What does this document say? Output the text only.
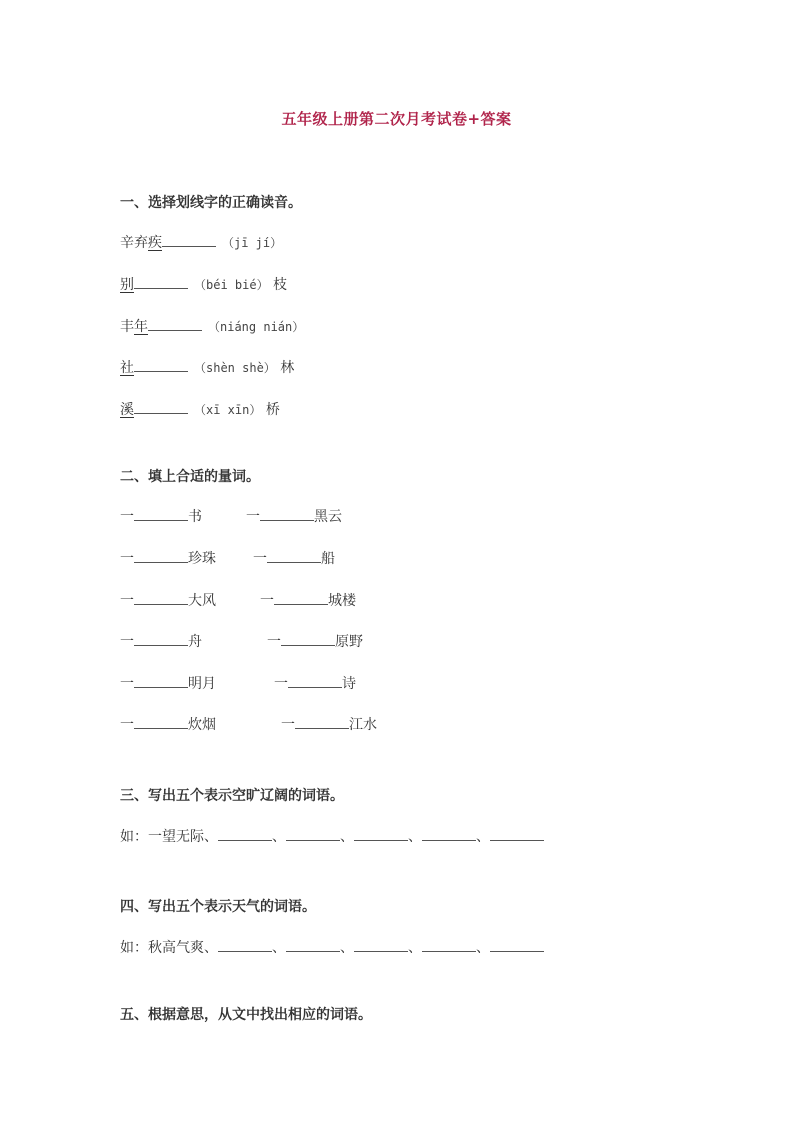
五年级上册第二次月考试卷+答案
一、选择划线字的正确读音。
辛弃疾	（jī jí）
别	（béi bié） 枝
丰年	（niáng nián）
社	（shèn shè） 林
溪	（xī xīn） 桥
二、填上合适的量词。
一	书	一	黑云
一	珍珠	一	船
一	大风	一	城楼
一	舟	一	原野
一	明月	一	诗
一	炊烟	一	江水
三、写出五个表示空旷辽阔的词语。
如：一望无际、	、	、	、	、
四、写出五个表示天气的词语。
如：秋高气爽、	、	、	、	、
五、根据意思，从文中找出相应的词语。
